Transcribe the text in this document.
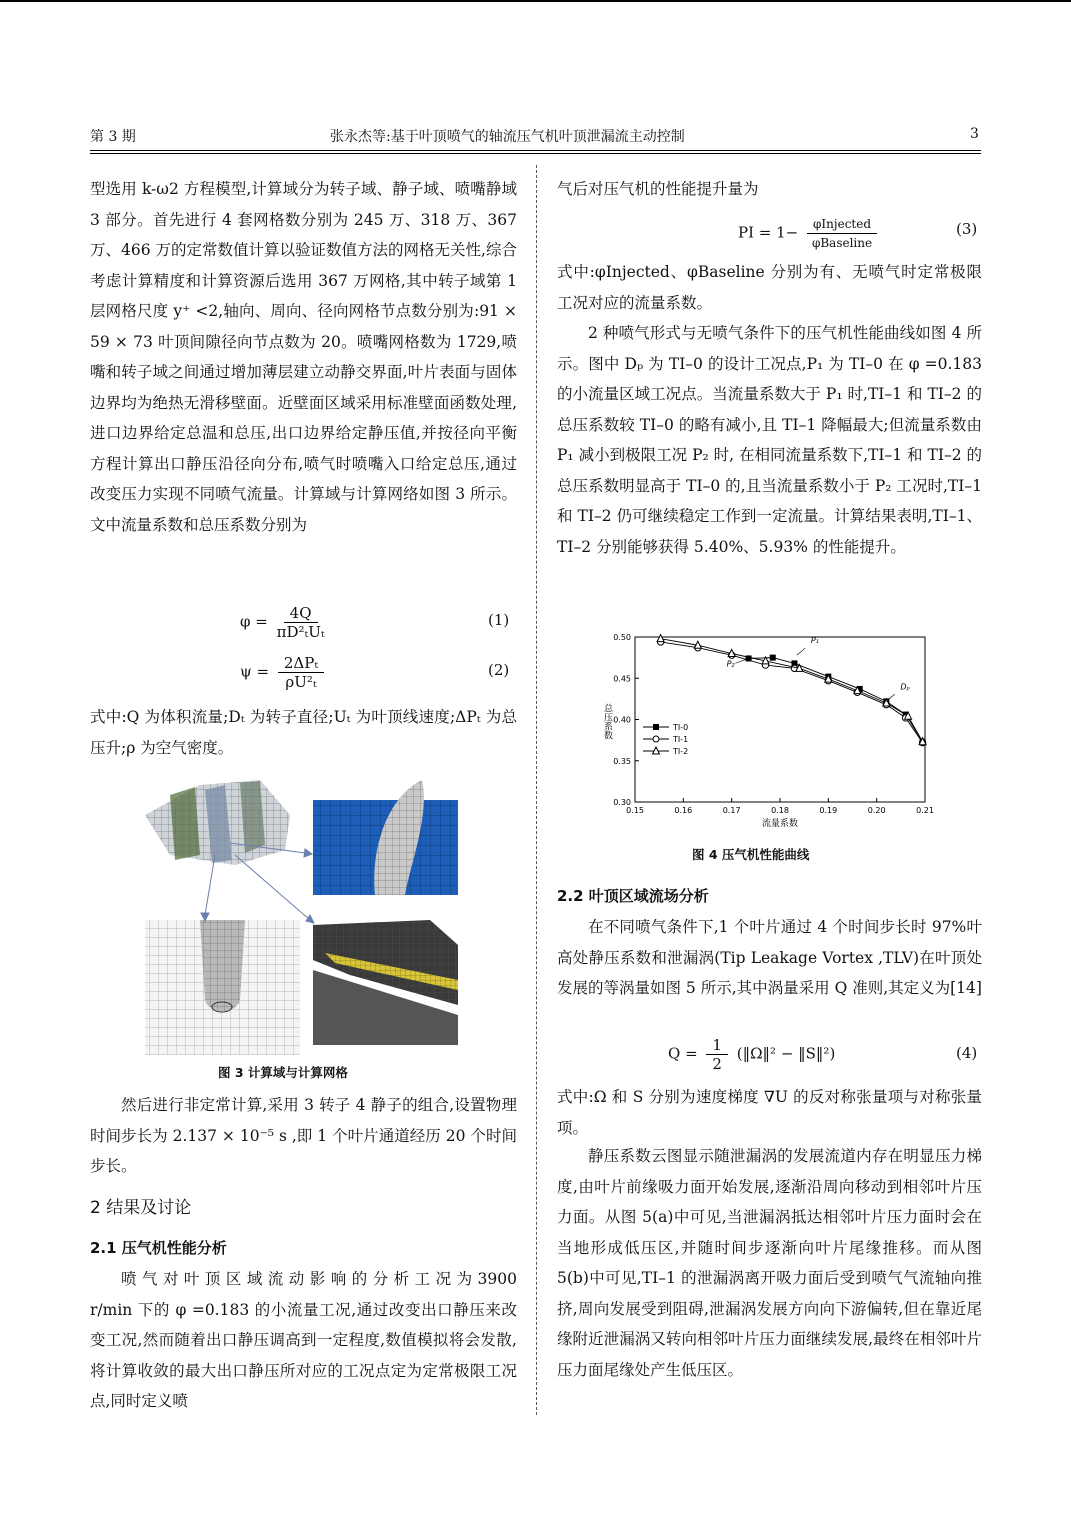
第 3 期	张永杰等:基于叶顶喷气的轴流压气机叶顶泄漏流主动控制	3

型选用 k-ω2 方程模型,计算域分为转子域、静子域、喷嘴静域 3 部分。首先进行 4 套网格数分别为 245 万、318 万、367 万、466 万的定常数值计算以验证数值方法的网格无关性,综合考虑计算精度和计算资源后选用 367 万网格,其中转子域第 1 层网格尺度 y⁺ <2,轴向、周向、径向网格节点数分别为:91 × 59 × 73 叶顶间隙径向节点数为 20。喷嘴网格数为 1729,喷嘴和转子域之间通过增加薄层建立动静交界面,叶片表面与固体边界均为绝热无滑移壁面。近壁面区域采用标准壁面函数处理,进口边界给定总温和总压,出口边界给定静压值,并按径向平衡方程计算出口静压沿径向分布,喷气时喷嘴入口给定总压,通过改变压力实现不同喷气流量。计算域与计算网络如图 3 所示。文中流量系数和总压系数分别为

$\varphi = \frac{4Q}{\text{πD²ₜUₜ}}$	(1)
$\psi = \frac{\text{2ΔPₜ}}{\text{ρU²ₜ}}$	(2)

式中:Q 为体积流量;Dₜ 为转子直径;Uₜ 为叶顶线速度;ΔPₜ 为总压升;ρ 为空气密度。

图 3 计算域与计算网格

然后进行非定常计算,采用 3 转子 4 静子的组合,设置物理时间步长为 2.137 × 10⁻⁵ s ,即 1 个叶片通道经历 20 个时间步长。

2 结果及讨论
2.1 压气机性能分析

喷 气 对 叶 顶 区 域 流 动 影 响 的 分 析 工 况 为 3900 r/min 下的 φ =0.183 的小流量工况,通过改变出口静压来改变工况,然而随着出口静压调高到一定程度,数值模拟将会发散,将计算收敛的最大出口静压所对应的工况点定为定常极限工况点,同时定义喷

气后对压气机的性能提升量为

PI = $1- \frac{\text{φInjected}}{\text{φBaseline}}$	(3)

式中:φInjected、φBaseline 分别为有、无喷气时定常极限工况对应的流量系数。

2 种喷气形式与无喷气条件下的压气机性能曲线如图 4 所示。图中 Dₚ 为 TI–0 的设计工况点,P₁ 为 TI–0 在 φ =0.183 的小流量区域工况点。当流量系数大于 P₁ 时,TI–1 和 TI–2 的总压系数较 TI–0 的略有减小,且 TI–1 降幅最大;但流量系数由 P₁ 减小到极限工况 P₂ 时, 在相同流量系数下,TI–1 和 TI–2 的总压系数明显高于 TI–0 的,且当流量系数小于 P₂ 工况时,TI–1 和 TI–2 仍可继续稳定工作到一定流量。计算结果表明,TI–1、TI–2 分别能够获得 5.40%、5.93% 的性能提升。

0.15	0.16	0.17	0.18	0.19	0.20	0.21
0.30
0.35
0.40
0.45
0.50
流量系数
总压系数	TI-0
TI-1
TI-2
P₁
P₂
Dₚ
图 4 压气机性能曲线
2.2 叶顶区域流场分析

在不同喷气条件下,1 个叶片通过 4 个时间步长时 97%叶高处静压系数和泄漏涡(Tip Leakage Vortex ,TLV)在叶顶处发展的等涡量如图 5 所示,其中涡量采用 Q 准则,其定义为[14]

$Q = \frac{1}{2}$ (‖Ω‖² − ‖S‖²)	(4)

式中:Ω 和 S 分别为速度梯度 ∇U 的反对称张量项与对称张量项。

静压系数云图显示随泄漏涡的发展流道内存在明显压力梯度,由叶片前缘吸力面开始发展,逐渐沿周向移动到相邻叶片压力面。从图 5(a)中可见,当泄漏涡抵达相邻叶片压力面时会在当地形成低压区,并随时间步逐渐向叶片尾缘推移。而从图 5(b)中可见,TI–1 的泄漏涡离开吸力面后受到喷气气流轴向推挤,周向发展受到阻碍,泄漏涡发展方向向下游偏转,但在靠近尾缘附近泄漏涡又转向相邻叶片压力面继续发展,最终在相邻叶片压力面尾缘处产生低压区。
